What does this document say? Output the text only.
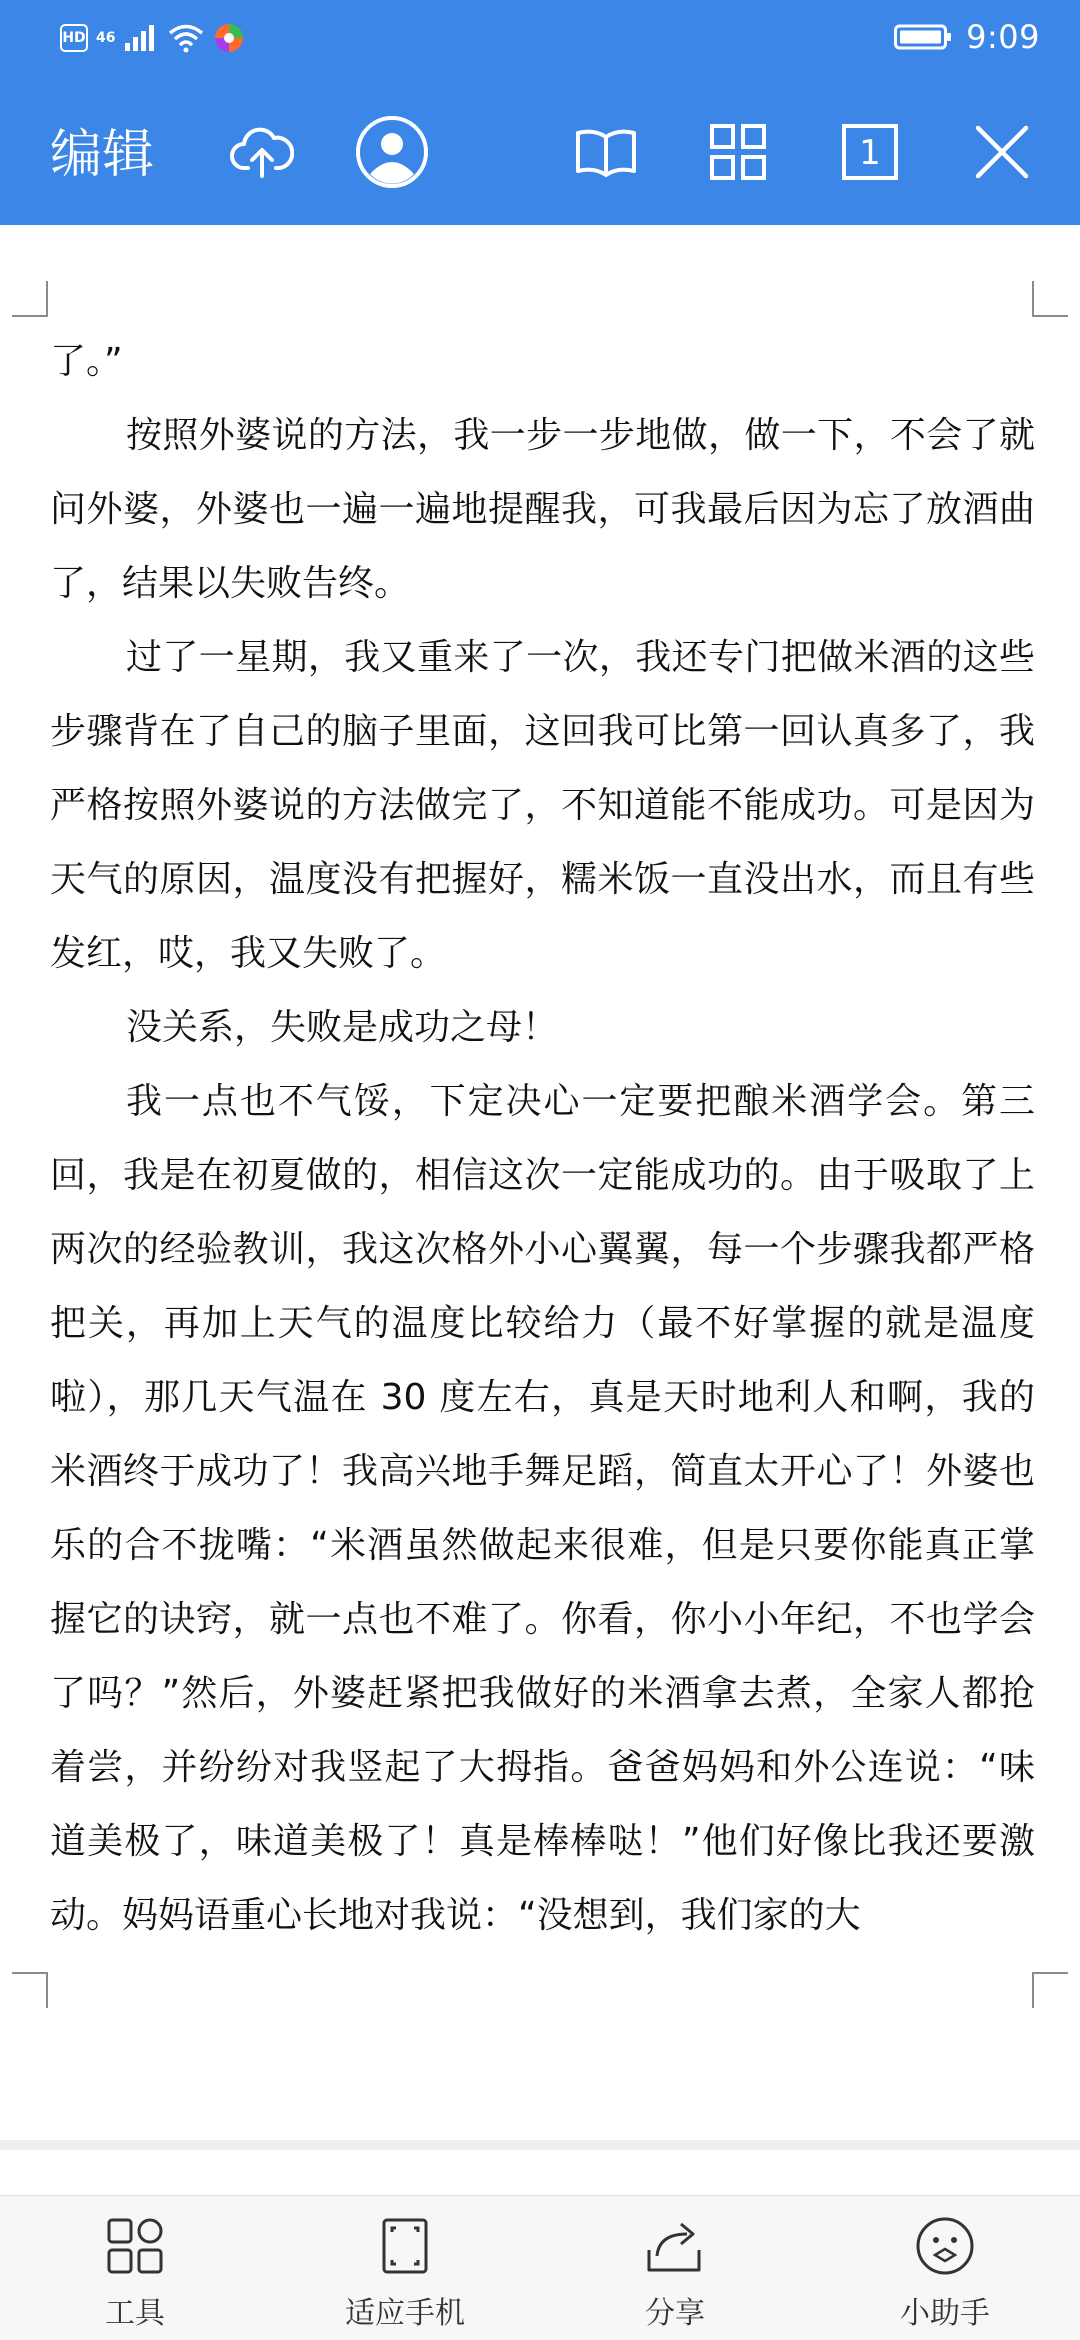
HD 46	9:09
编辑	1

了。”

按照外婆说的方法，我一步一步地做，做一下，不会了就问外婆，外婆也一遍一遍地提醒我，可我最后因为忘了放酒曲了，结果以失败告终。

过了一星期，我又重来了一次，我还专门把做米酒的这些步骤背在了自己的脑子里面，这回我可比第一回认真多了，我严格按照外婆说的方法做完了，不知道能不能成功。可是因为天气的原因，温度没有把握好，糯米饭一直没出水，而且有些发红，哎，我又失败了。

没关系，失败是成功之母！

我一点也不气馁，下定决心一定要把酿米酒学会。第三回，我是在初夏做的，相信这次一定能成功的。由于吸取了上两次的经验教训，我这次格外小心翼翼，每一个步骤我都严格把关，再加上天气的温度比较给力（最不好掌握的就是温度啦），那几天气温在 30 度左右，真是天时地利人和啊，我的米酒终于成功了！我高兴地手舞足蹈，简直太开心了！外婆也乐的合不拢嘴：“米酒虽然做起来很难，但是只要你能真正掌握它的诀窍，就一点也不难了。你看，你小小年纪，不也学会了吗？”然后，外婆赶紧把我做好的米酒拿去煮，全家人都抢着尝，并纷纷对我竖起了大拇指。爸爸妈妈和外公连说：“味道美极了，味道美极了！真是棒棒哒！”他们好像比我还要激动。妈妈语重心长地对我说：“没想到，我们家的大

工具	适应手机	分享	小助手
